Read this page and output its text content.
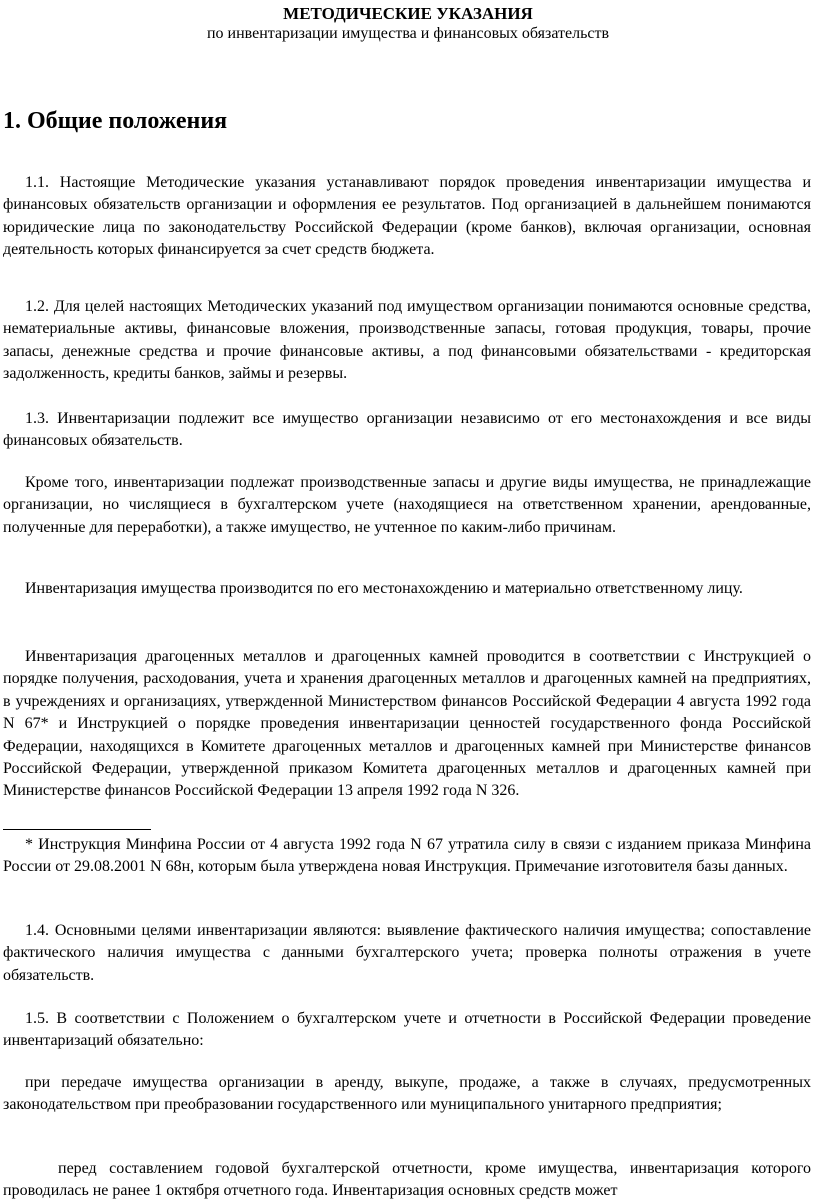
МЕТОДИЧЕСКИЕ УКАЗАНИЯ

по инвентаризации имущества и финансовых обязательств

1. Общие положения

1.1. Настоящие Методические указания устанавливают порядок проведения инвентаризации имущества и финансовых обязательств организации и оформления ее результатов. Под организацией в дальнейшем понимаются юридические лица по законодательству Российской Федерации (кроме банков), включая организации, основная деятельность которых финансируется за счет средств бюджета.

1.2. Для целей настоящих Методических указаний под имуществом организации понимаются основные средства, нематериальные активы, финансовые вложения, производственные запасы, готовая продукция, товары, прочие запасы, денежные средства и прочие финансовые активы, а под финансовыми обязательствами - кредиторская задолженность, кредиты банков, займы и резервы.

1.3. Инвентаризации подлежит все имущество организации независимо от его местонахождения и все виды финансовых обязательств.

Кроме того, инвентаризации подлежат производственные запасы и другие виды имущества, не принадлежащие организации, но числящиеся в бухгалтерском учете (находящиеся на ответственном хранении, арендованные, полученные для переработки), а также имущество, не учтенное по каким-либо причинам.

Инвентаризация имущества производится по его местонахождению и материально ответственному лицу.

Инвентаризация драгоценных металлов и драгоценных камней проводится в соответствии с Инструкцией о порядке получения, расходования, учета и хранения драгоценных металлов и драгоценных камней на предприятиях, в учреждениях и организациях, утвержденной Министерством финансов Российской Федерации 4 августа 1992 года N 67* и Инструкцией о порядке проведения инвентаризации ценностей государственного фонда Российской Федерации, находящихся в Комитете драгоценных металлов и драгоценных камней при Министерстве финансов Российской Федерации, утвержденной приказом Комитета драгоценных металлов и драгоценных камней при Министерстве финансов Российской Федерации 13 апреля 1992 года N 326.

* Инструкция Минфина России от 4 августа 1992 года N 67 утратила силу в связи с изданием приказа Минфина России от 29.08.2001 N 68н, которым была утверждена новая Инструкция. Примечание изготовителя базы данных.

1.4. Основными целями инвентаризации являются: выявление фактического наличия имущества; сопоставление фактического наличия имущества с данными бухгалтерского учета; проверка полноты отражения в учете обязательств.

1.5. В соответствии с Положением о бухгалтерском учете и отчетности в Российской Федерации проведение инвентаризаций обязательно:

при передаче имущества организации в аренду, выкупе, продаже, а также в случаях, предусмотренных законодательством при преобразовании государственного или муниципального унитарного предприятия;

перед составлением годовой бухгалтерской отчетности, кроме имущества, инвентаризация которого проводилась не ранее 1 октября отчетного года. Инвентаризация основных средств может
